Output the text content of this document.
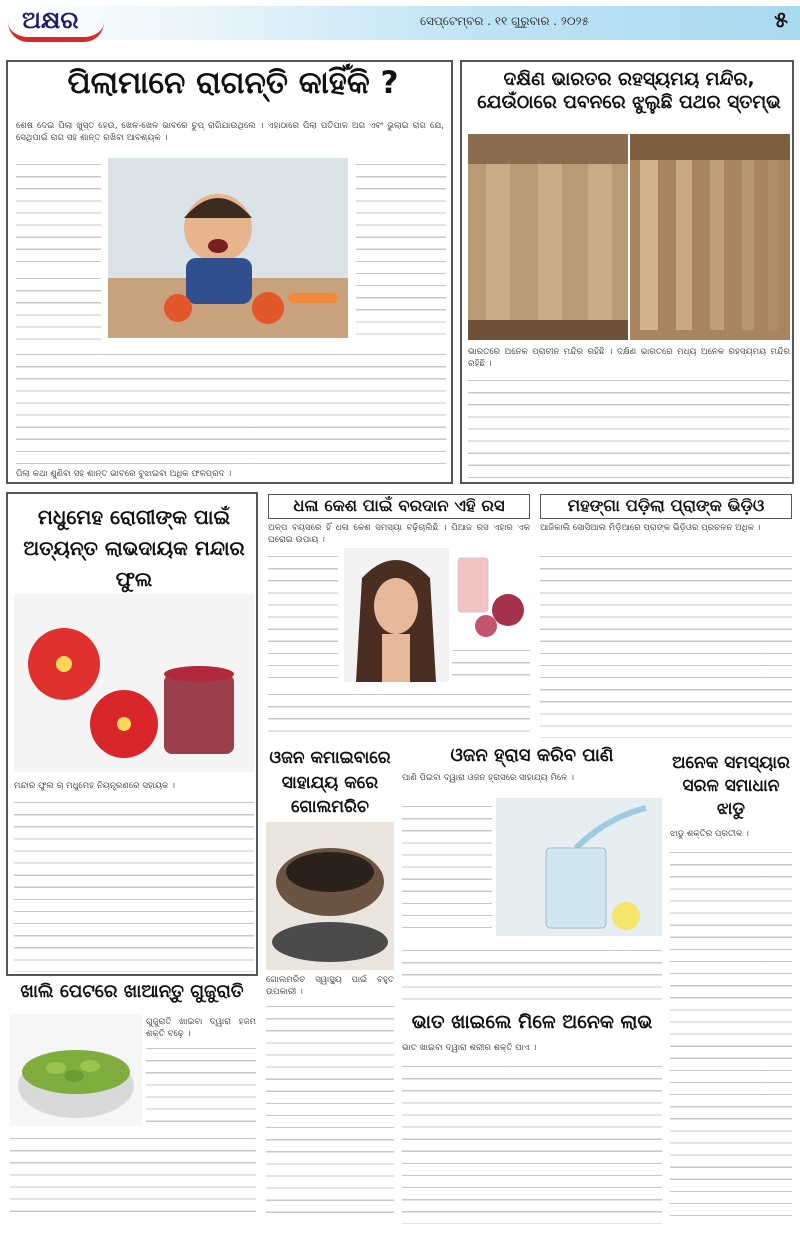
ଅକ୍ଷର	ସେପ୍ଟେମ୍ବର . ୧୧ ଗୁରୁବାର . ୨୦୨୫	୫
ପିଲାମାନେ ରାଗନ୍ତି କାହିଁକି ?
ଶେଷ ଦେଇ ପିଲା ଖୁସ୍ତ ହେଉ, ଖେଳ-ଖେଳ ଭାବରେ ଚୁପ୍ ରାଗିଯାଉଥିଲେ । ଏହାଠାରେ ପିଲା ପତିପାଳ ଅଗ ଏବଂ ଭୁଲାଇ ରାଗ ଯେ, ସେଥିପାଇଁ ରାଗ ସହ ଶାନ୍ତ ରଖିବା ଆବଶ୍ୟକ ।
ପିଲା କଥା ଶୁଣିବା ସହ ଶାନ୍ତ ଭାବରେ ବୁଝାଇବା ଅଧିକ ଫଳପ୍ରଦ ।
ଦକ୍ଷିଣ ଭାରତର ରହସ୍ୟମୟ ମନ୍ଦିର, ଯେଉଁଠାରେ ପବନରେ ଝୁଲୁଛି ପଥର ସ୍ତମ୍ଭ
ଭାରତରେ ଅନେକ ପ୍ରାଚୀନ ମନ୍ଦିର ରହିଛି । ଦକ୍ଷିଣ ଭାରତରେ ମଧ୍ୟ ଅନେକ ରହସ୍ୟମୟ ମନ୍ଦିର ରହିଛି ।
ଧଳା କେଶ ପାଇଁ ବରଦାନ ଏହି ରସ
ଅଳ୍ପ ବୟସରେ ହିଁ ଧଳା କେଶ ସମସ୍ୟା ବଢ଼ିଚାଲିଛି । ପିଆଜ ରସ ଏହାର ଏକ ଘରୋଇ ଉପାୟ ।
ମହଙ୍ଗା ପଡ଼ିଲା ପ୍ରାଙ୍କ ଭିଡ଼ିଓ
ଆଜିକାଲି ସୋସିଆଲ ମିଡ଼ିଆରେ ପ୍ରାଙ୍କ ଭିଡ଼ିଓର ପ୍ରଚଳନ ଅଧିକ ।
ମଧୁମେହ ରୋଗୀଙ୍କ ପାଇଁ ଅତ୍ୟନ୍ତ ଲାଭଦାୟକ ମନ୍ଦାର ଫୁଲ
ମନ୍ଦାର ଫୁଲ ଚା ମଧୁମେହ ନିୟନ୍ତ୍ରଣରେ ସହାୟକ ।
ଓଜନ କମାଇବାରେ ସାହାଯ୍ୟ କରେ ଗୋଲମରିଚ
ଗୋଲମରିଚ ସ୍ୱାସ୍ଥ୍ୟ ପାଇଁ ବହୁତ ଉପକାରୀ ।
ଓଜନ ହ୍ରାସ କରିବ ପାଣି
ପାଣି ପିଇବା ଦ୍ୱାରା ଓଜନ ହ୍ରାସରେ ସାହାଯ୍ୟ ମିଳେ ।
ଭାତ ଖାଇଲେ ମିଳେ ଅନେକ ଲାଭ
ଭାତ ଖାଇବା ଦ୍ୱାରା ଶରୀର ଶକ୍ତି ପାଏ ।
ଖାଲି ପେଟରେ ଖାଆନ୍ତୁ ଗୁଜୁରାତି
ଗୁଜୁରାତି ଖାଇବା ଦ୍ୱାରା ହଜମ ଶକ୍ତି ବଢ଼େ ।
ଅନେକ ସମସ୍ୟାର ସରଳ ସମାଧାନ ଝାଡୁ
ଝାଡୁ ଶକ୍ତିର ପ୍ରତୀକ ।
